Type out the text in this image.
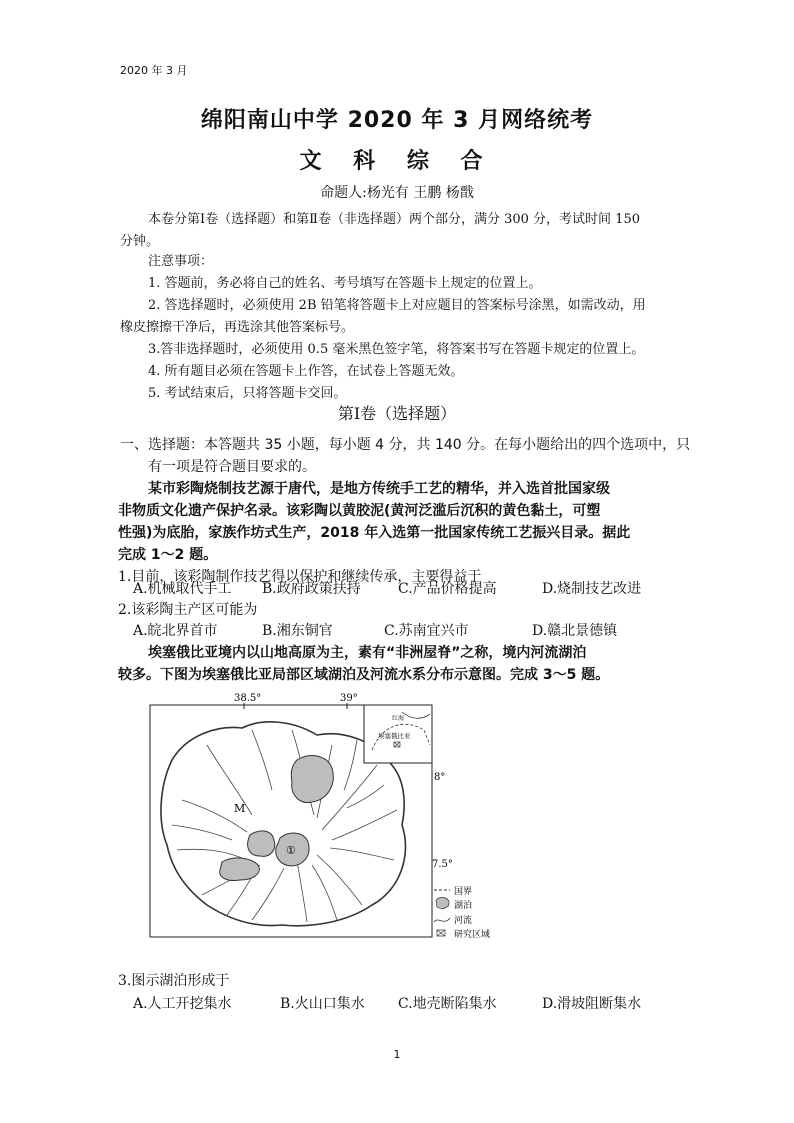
2020 年 3 月
绵阳南山中学 2020 年 3 月网络统考
文 科 综 合
命题人:杨光有 王鹏 杨戬
本卷分第Ⅰ卷（选择题）和第Ⅱ卷（非选择题）两个部分，满分 300 分，考试时间 150
分钟。
注意事项：
1. 答题前，务必将自己的姓名、考号填写在答题卡上规定的位置上。
2. 答选择题时，必须使用 2B 铅笔将答题卡上对应题目的答案标号涂黑，如需改动，用
橡皮擦擦干净后，再选涂其他答案标号。
3.答非选择题时，必须使用 0.5 毫米黑色签字笔，将答案书写在答题卡规定的位置上。
4. 所有题目必须在答题卡上作答，在试卷上答题无效。
5. 考试结束后，只将答题卡交回。
第Ⅰ卷（选择题）
一、选择题：本答题共 35 小题，每小题 4 分，共 140 分。在每小题给出的四个选项中，只
有一项是符合题目要求的。
某市彩陶烧制技艺源于唐代，是地方传统手工艺的精华，并入选首批国家级
非物质文化遗产保护名录。该彩陶以黄胶泥(黄河泛滥后沉积的黄色黏土，可塑
性强)为底胎，家族作坊式生产，2018 年入选第一批国家传统工艺振兴目录。据此
完成 1～2 题。
1.目前，该彩陶制作技艺得以保护和继续传承，主要得益于
A.机械取代手工 B.政府政策扶持	C.产品价格提高	D.烧制技艺改进
2.该彩陶主产区可能为
A.皖北界首市	B.湘东铜官	C.苏南宜兴市	D.赣北景德镇
埃塞俄比亚境内以山地高原为主，素有“非洲屋脊”之称，境内河流湖泊
较多。下图为埃塞俄比亚局部区域湖泊及河流水系分布示意图。完成 3～5 题。
38.5°	39°
8°
7.5°
M
①
红海
埃塞俄比亚
国界
湖泊
河流
研究区域
3.图示湖泊形成于
A.人工开挖集水	B.火山口集水 C.地壳断陷集水	D.滑坡阻断集水
1
